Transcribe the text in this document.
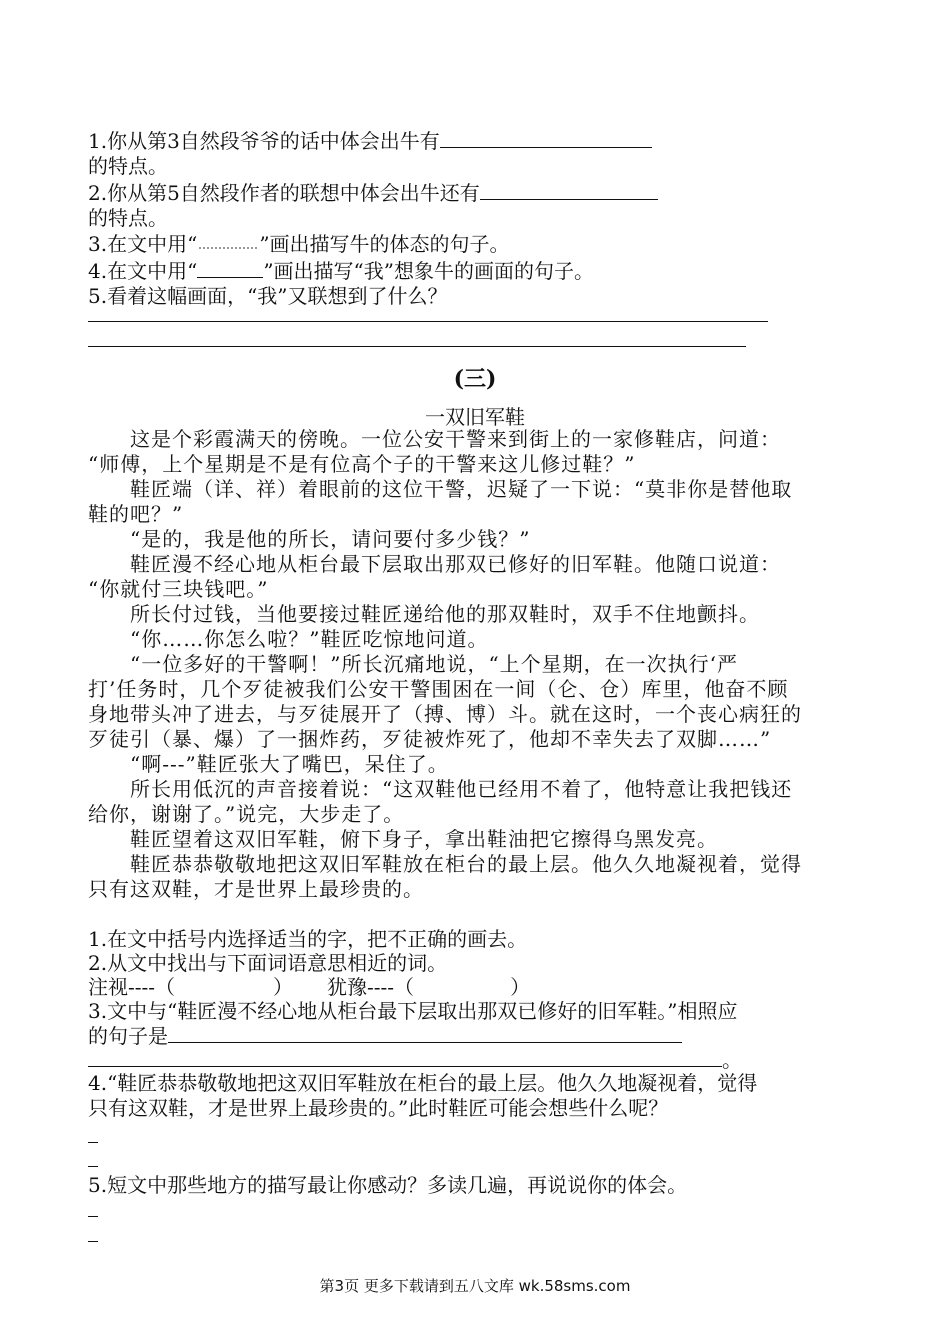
1.你从第3自然段爷爷的话中体会出牛有
的特点。
2.你从第5自然段作者的联想中体会出牛还有
的特点。
3.在文中用“	”画出描写牛的体态的句子。
4.在文中用“	”画出描写“我”想象牛的画面的句子。
5.看着这幅画面，“我”又联想到了什么？
(三)
一双旧军鞋
　　这是个彩霞满天的傍晚。一位公安干警来到街上的一家修鞋店，问道：
“师傅，上个星期是不是有位高个子的干警来这儿修过鞋？”
　　鞋匠端（详、祥）着眼前的这位干警，迟疑了一下说：“莫非你是替他取
鞋的吧？”
　　“是的，我是他的所长，请问要付多少钱？”
　　鞋匠漫不经心地从柜台最下层取出那双已修好的旧军鞋。他随口说道：
“你就付三块钱吧。”
　　所长付过钱，当他要接过鞋匠递给他的那双鞋时，双手不住地颤抖。
　　“你……你怎么啦？”鞋匠吃惊地问道。
　　“一位多好的干警啊！”所长沉痛地说，“上个星期，在一次执行‘严
打’任务时，几个歹徒被我们公安干警围困在一间（仑、仓）库里，他奋不顾
身地带头冲了进去，与歹徒展开了（搏、博）斗。就在这时，一个丧心病狂的
歹徒引（暴、爆）了一捆炸药，歹徒被炸死了，他却不幸失去了双脚……”
　　“啊---”鞋匠张大了嘴巴，呆住了。
　　所长用低沉的声音接着说：“这双鞋他已经用不着了，他特意让我把钱还
给你，谢谢了。”说完，大步走了。
　　鞋匠望着这双旧军鞋，俯下身子，拿出鞋油把它擦得乌黑发亮。
　　鞋匠恭恭敬敬地把这双旧军鞋放在柜台的最上层。他久久地凝视着，觉得
只有这双鞋，才是世界上最珍贵的。
1.在文中括号内选择适当的字，把不正确的画去。
2.从文中找出与下面词语意思相近的词。
注视----（	） 犹豫----（	）
3.文中与“鞋匠漫不经心地从柜台最下层取出那双已修好的旧军鞋。”相照应
的句子是
。
4.“鞋匠恭恭敬敬地把这双旧军鞋放在柜台的最上层。他久久地凝视着，觉得
只有这双鞋，才是世界上最珍贵的。”此时鞋匠可能会想些什么呢？
5.短文中那些地方的描写最让你感动？多读几遍，再说说你的体会。
第3页 更多下载请到五八文库 wk.58sms.com
